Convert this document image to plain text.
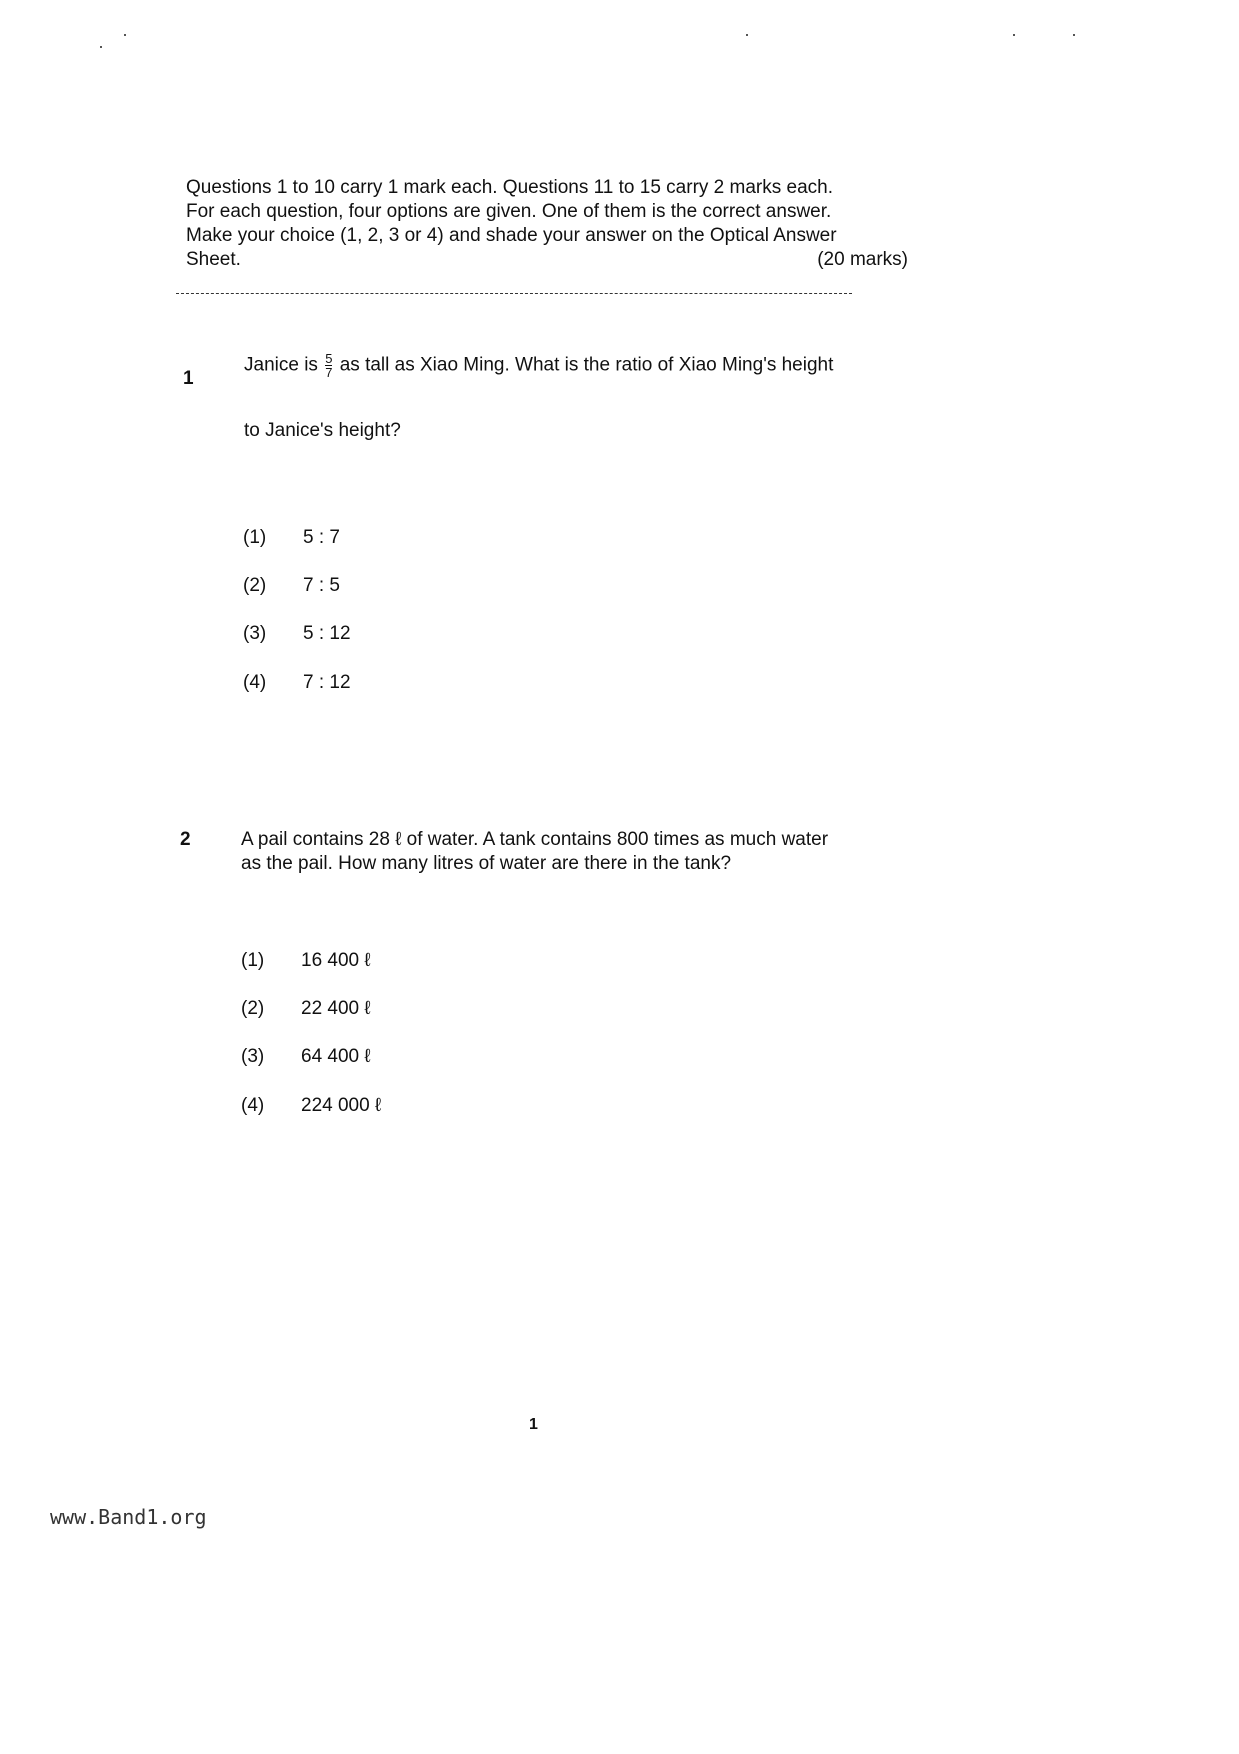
Questions 1 to 10 carry 1 mark each. Questions 11 to 15 carry 2 marks each.
For each question, four options are given. One of them is the correct answer.
Make your choice (1, 2, 3 or 4) and shade your answer on the Optical Answer
Sheet.	(20 marks)
1
Janice is $\frac{5}{7}$ as tall as Xiao Ming. What is the ratio of Xiao Ming's height
to Janice's height?
(1) 5 : 7
(2) 7 : 5
(3) 5 : 12
(4) 7 : 12
2	A pail contains 28 ℓ of water. A tank contains 800 times as much water
as the pail. How many litres of water are there in the tank?
(1) 16 400 ℓ
(2) 22 400 ℓ
(3) 64 400 ℓ
(4) 224 000 ℓ
1
www.Band1.org
